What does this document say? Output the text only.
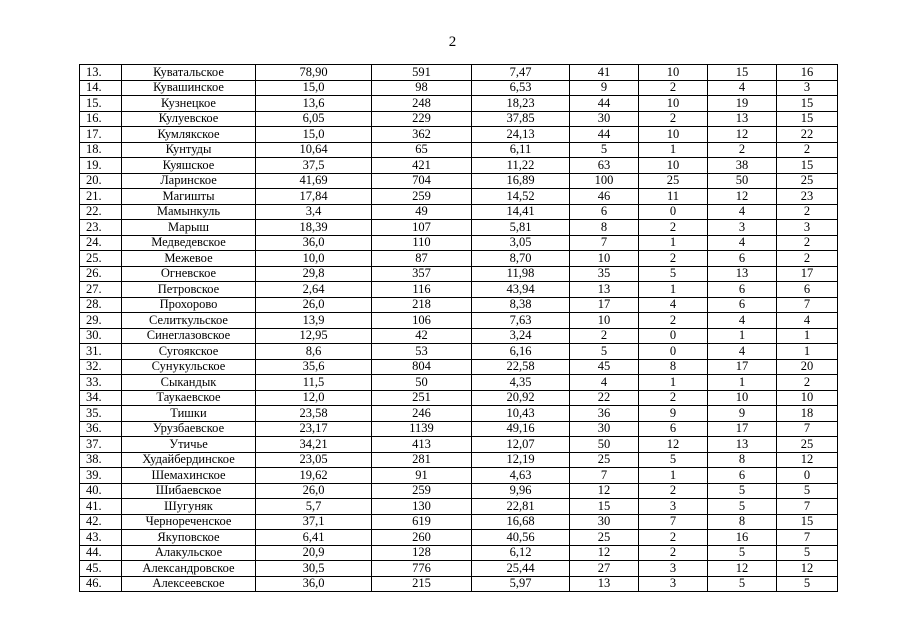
2
13.	Куватальское	78,90	591	7,47	41	10	15	16
14.	Кувашинское	15,0	98	6,53	9	2	4	3
15.	Кузнецкое	13,6	248	18,23	44	10	19	15
16.	Кулуевское	6,05	229	37,85	30	2	13	15
17.	Кумлякское	15,0	362	24,13	44	10	12	22
18.	Кунтуды	10,64	65	6,11	5	1	2	2
19.	Куяшское	37,5	421	11,22	63	10	38	15
20.	Ларинское	41,69	704	16,89	100	25	50	25
21.	Магишты	17,84	259	14,52	46	11	12	23
22.	Мамынкуль	3,4	49	14,41	6	0	4	2
23.	Марыш	18,39	107	5,81	8	2	3	3
24.	Медведевское	36,0	110	3,05	7	1	4	2
25.	Межевое	10,0	87	8,70	10	2	6	2
26.	Огневское	29,8	357	11,98	35	5	13	17
27.	Петровское	2,64	116	43,94	13	1	6	6
28.	Прохорово	26,0	218	8,38	17	4	6	7
29.	Селиткульское	13,9	106	7,63	10	2	4	4
30.	Синеглазовское	12,95	42	3,24	2	0	1	1
31.	Сугоякское	8,6	53	6,16	5	0	4	1
32.	Сунукульское	35,6	804	22,58	45	8	17	20
33.	Сыкандык	11,5	50	4,35	4	1	1	2
34.	Таукаевское	12,0	251	20,92	22	2	10	10
35.	Тишки	23,58	246	10,43	36	9	9	18
36.	Урузбаевское	23,17	1139	49,16	30	6	17	7
37.	Утичье	34,21	413	12,07	50	12	13	25
38.	Худайбердинское	23,05	281	12,19	25	5	8	12
39.	Шемахинское	19,62	91	4,63	7	1	6	0
40.	Шибаевское	26,0	259	9,96	12	2	5	5
41.	Шугуняк	5,7	130	22,81	15	3	5	7
42.	Чернореченское	37,1	619	16,68	30	7	8	15
43.	Якуповское	6,41	260	40,56	25	2	16	7
44.	Алакульское	20,9	128	6,12	12	2	5	5
45.	Александровское	30,5	776	25,44	27	3	12	12
46.	Алексеевское	36,0	215	5,97	13	3	5	5
